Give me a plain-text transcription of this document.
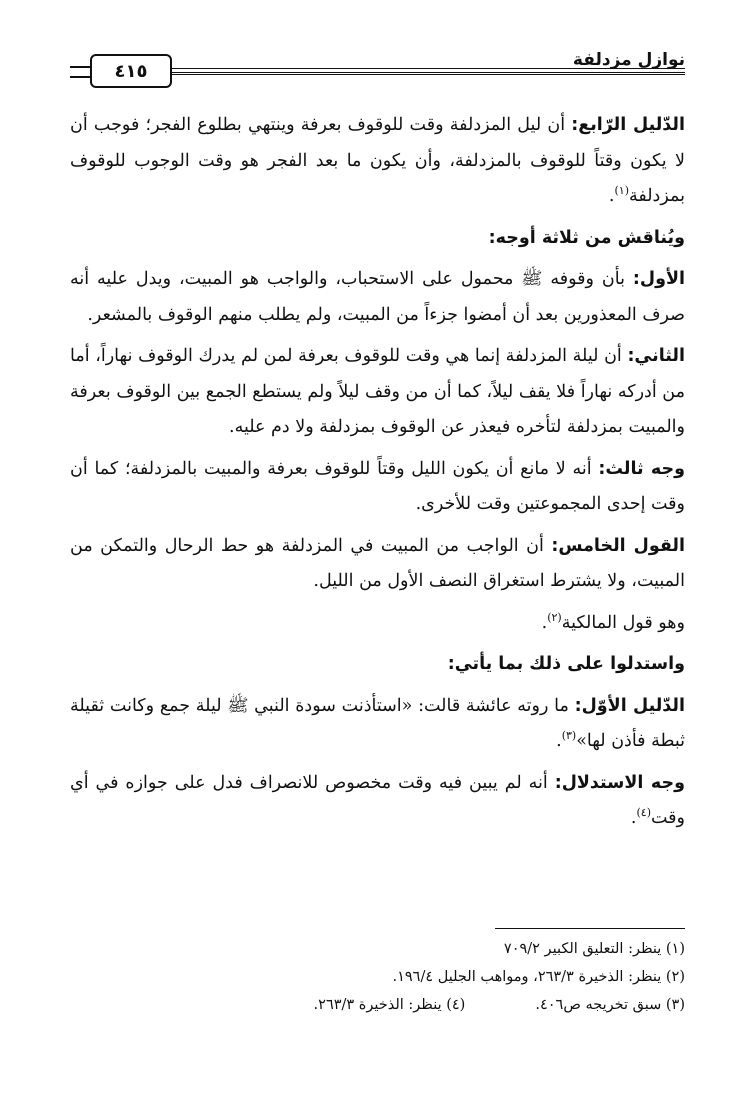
نوازل مزدلفة
٤١٥

الدّليل الرّابع: أن ليل المزدلفة وقت للوقوف بعرفة وينتهي بطلوع الفجر؛ فوجب أن لا يكون وقتاً للوقوف بالمزدلفة، وأن يكون ما بعد الفجر هو وقت الوجوب للوقوف بمزدلفة$^{(١)}$.

ويُناقش من ثلاثة أوجه:

الأول: بأن وقوفه ﷺ محمول على الاستحباب، والواجب هو المبيت، ويدل عليه أنه صرف المعذورين بعد أن أمضوا جزءاً من المبيت، ولم يطلب منهم الوقوف بالمشعر.

الثاني: أن ليلة المزدلفة إنما هي وقت للوقوف بعرفة لمن لم يدرك الوقوف نهاراً، أما من أدركه نهاراً فلا يقف ليلاً، كما أن من وقف ليلاً ولم يستطع الجمع بين الوقوف بعرفة والمبيت بمزدلفة لتأخره فيعذر عن الوقوف بمزدلفة ولا دم عليه.

وجه ثالث: أنه لا مانع أن يكون الليل وقتاً للوقوف بعرفة والمبيت بالمزدلفة؛ كما أن وقت إحدى المجموعتين وقت للأخرى.

القول الخامس: أن الواجب من المبيت في المزدلفة هو حط الرحال والتمكن من المبيت، ولا يشترط استغراق النصف الأول من الليل.

وهو قول المالكية$^{(٢)}$.

واستدلوا على ذلك بما يأتي:

الدّليل الأوّل: ما روته عائشة قالت: «استأذنت سودة النبي ﷺ ليلة جمع وكانت ثقيلة ثبطة فأذن لها»$^{(٣)}$.

وجه الاستدلال: أنه لم يبين فيه وقت مخصوص للانصراف فدل على جوازه في أي وقت$^{(٤)}$.

(١) ينظر: التعليق الكبير ٧٠٩/٢
(٢) ينظر: الذخيرة ٢٦٣/٣، ومواهب الجليل ١٩٦/٤.
(٣) سبق تخريجه ص٤٠٦.
(٤) ينظر: الذخيرة ٢٦٣/٣.
